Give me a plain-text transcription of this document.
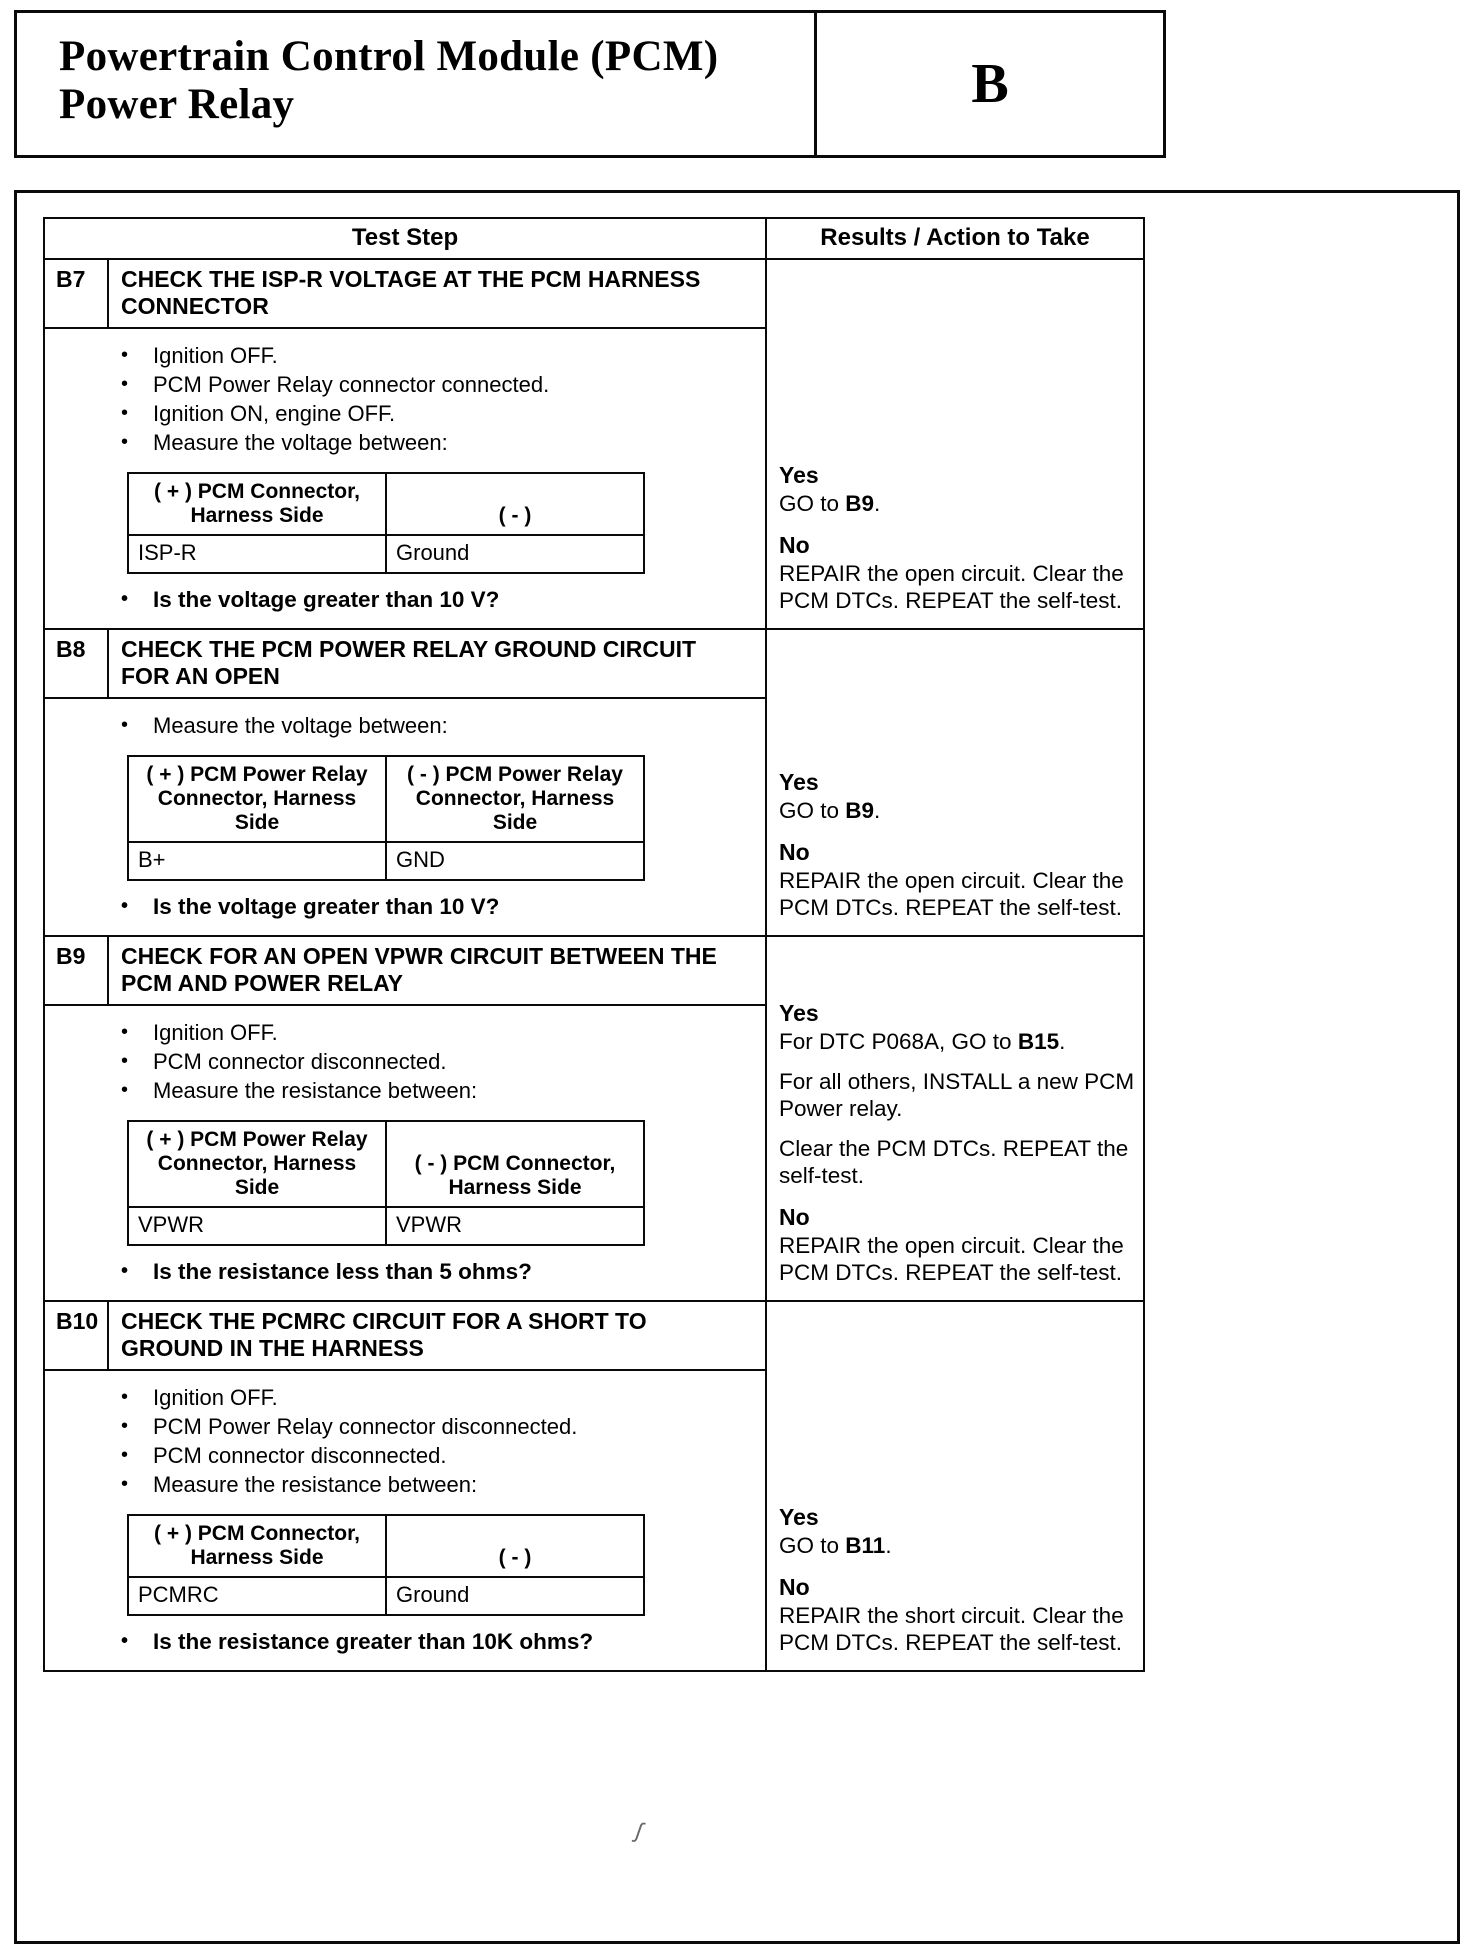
Powertrain Control Module (PCM)
Power Relay	B
Test Step	Results / Action to Take
B7	CHECK THE ISP-R VOLTAGE AT THE PCM HARNESS CONNECTOR
•	Ignition OFF.
•	PCM Power Relay connector connected.
•	Ignition ON, engine OFF.
•	Measure the voltage between:
( + ) PCM Connector, Harness Side	( - )
ISP-R	Ground
•	Is the voltage greater than 10 V?
Yes
GO to B9.
No
REPAIR the open circuit. Clear the PCM DTCs. REPEAT the self-test.
B8	CHECK THE PCM POWER RELAY GROUND CIRCUIT FOR AN OPEN
•	Measure the voltage between:
( + ) PCM Power Relay Connector, Harness Side	( - ) PCM Power Relay Connector, Harness Side
B+	GND
•	Is the voltage greater than 10 V?
Yes
GO to B9.
No
REPAIR the open circuit. Clear the PCM DTCs. REPEAT the self-test.
B9	CHECK FOR AN OPEN VPWR CIRCUIT BETWEEN THE PCM AND POWER RELAY
•	Ignition OFF.
•	PCM connector disconnected.
•	Measure the resistance between:
( + ) PCM Power Relay Connector, Harness Side	( - ) PCM Connector, Harness Side
VPWR	VPWR
•	Is the resistance less than 5 ohms?
Yes
For DTC P068A, GO to B15.
For all others, INSTALL a new PCM Power relay.
Clear the PCM DTCs. REPEAT the self-test.
No
REPAIR the open circuit. Clear the PCM DTCs. REPEAT the self-test.
B10 CHECK THE PCMRC CIRCUIT FOR A SHORT TO GROUND IN THE HARNESS
•	Ignition OFF.
•	PCM Power Relay connector disconnected.
•	PCM connector disconnected.
•	Measure the resistance between:
( + ) PCM Connector, Harness Side	( - )
PCMRC	Ground
•	Is the resistance greater than 10K ohms?
Yes
GO to B11.
No
REPAIR the short circuit. Clear the PCM DTCs. REPEAT the self-test.
ʃ
